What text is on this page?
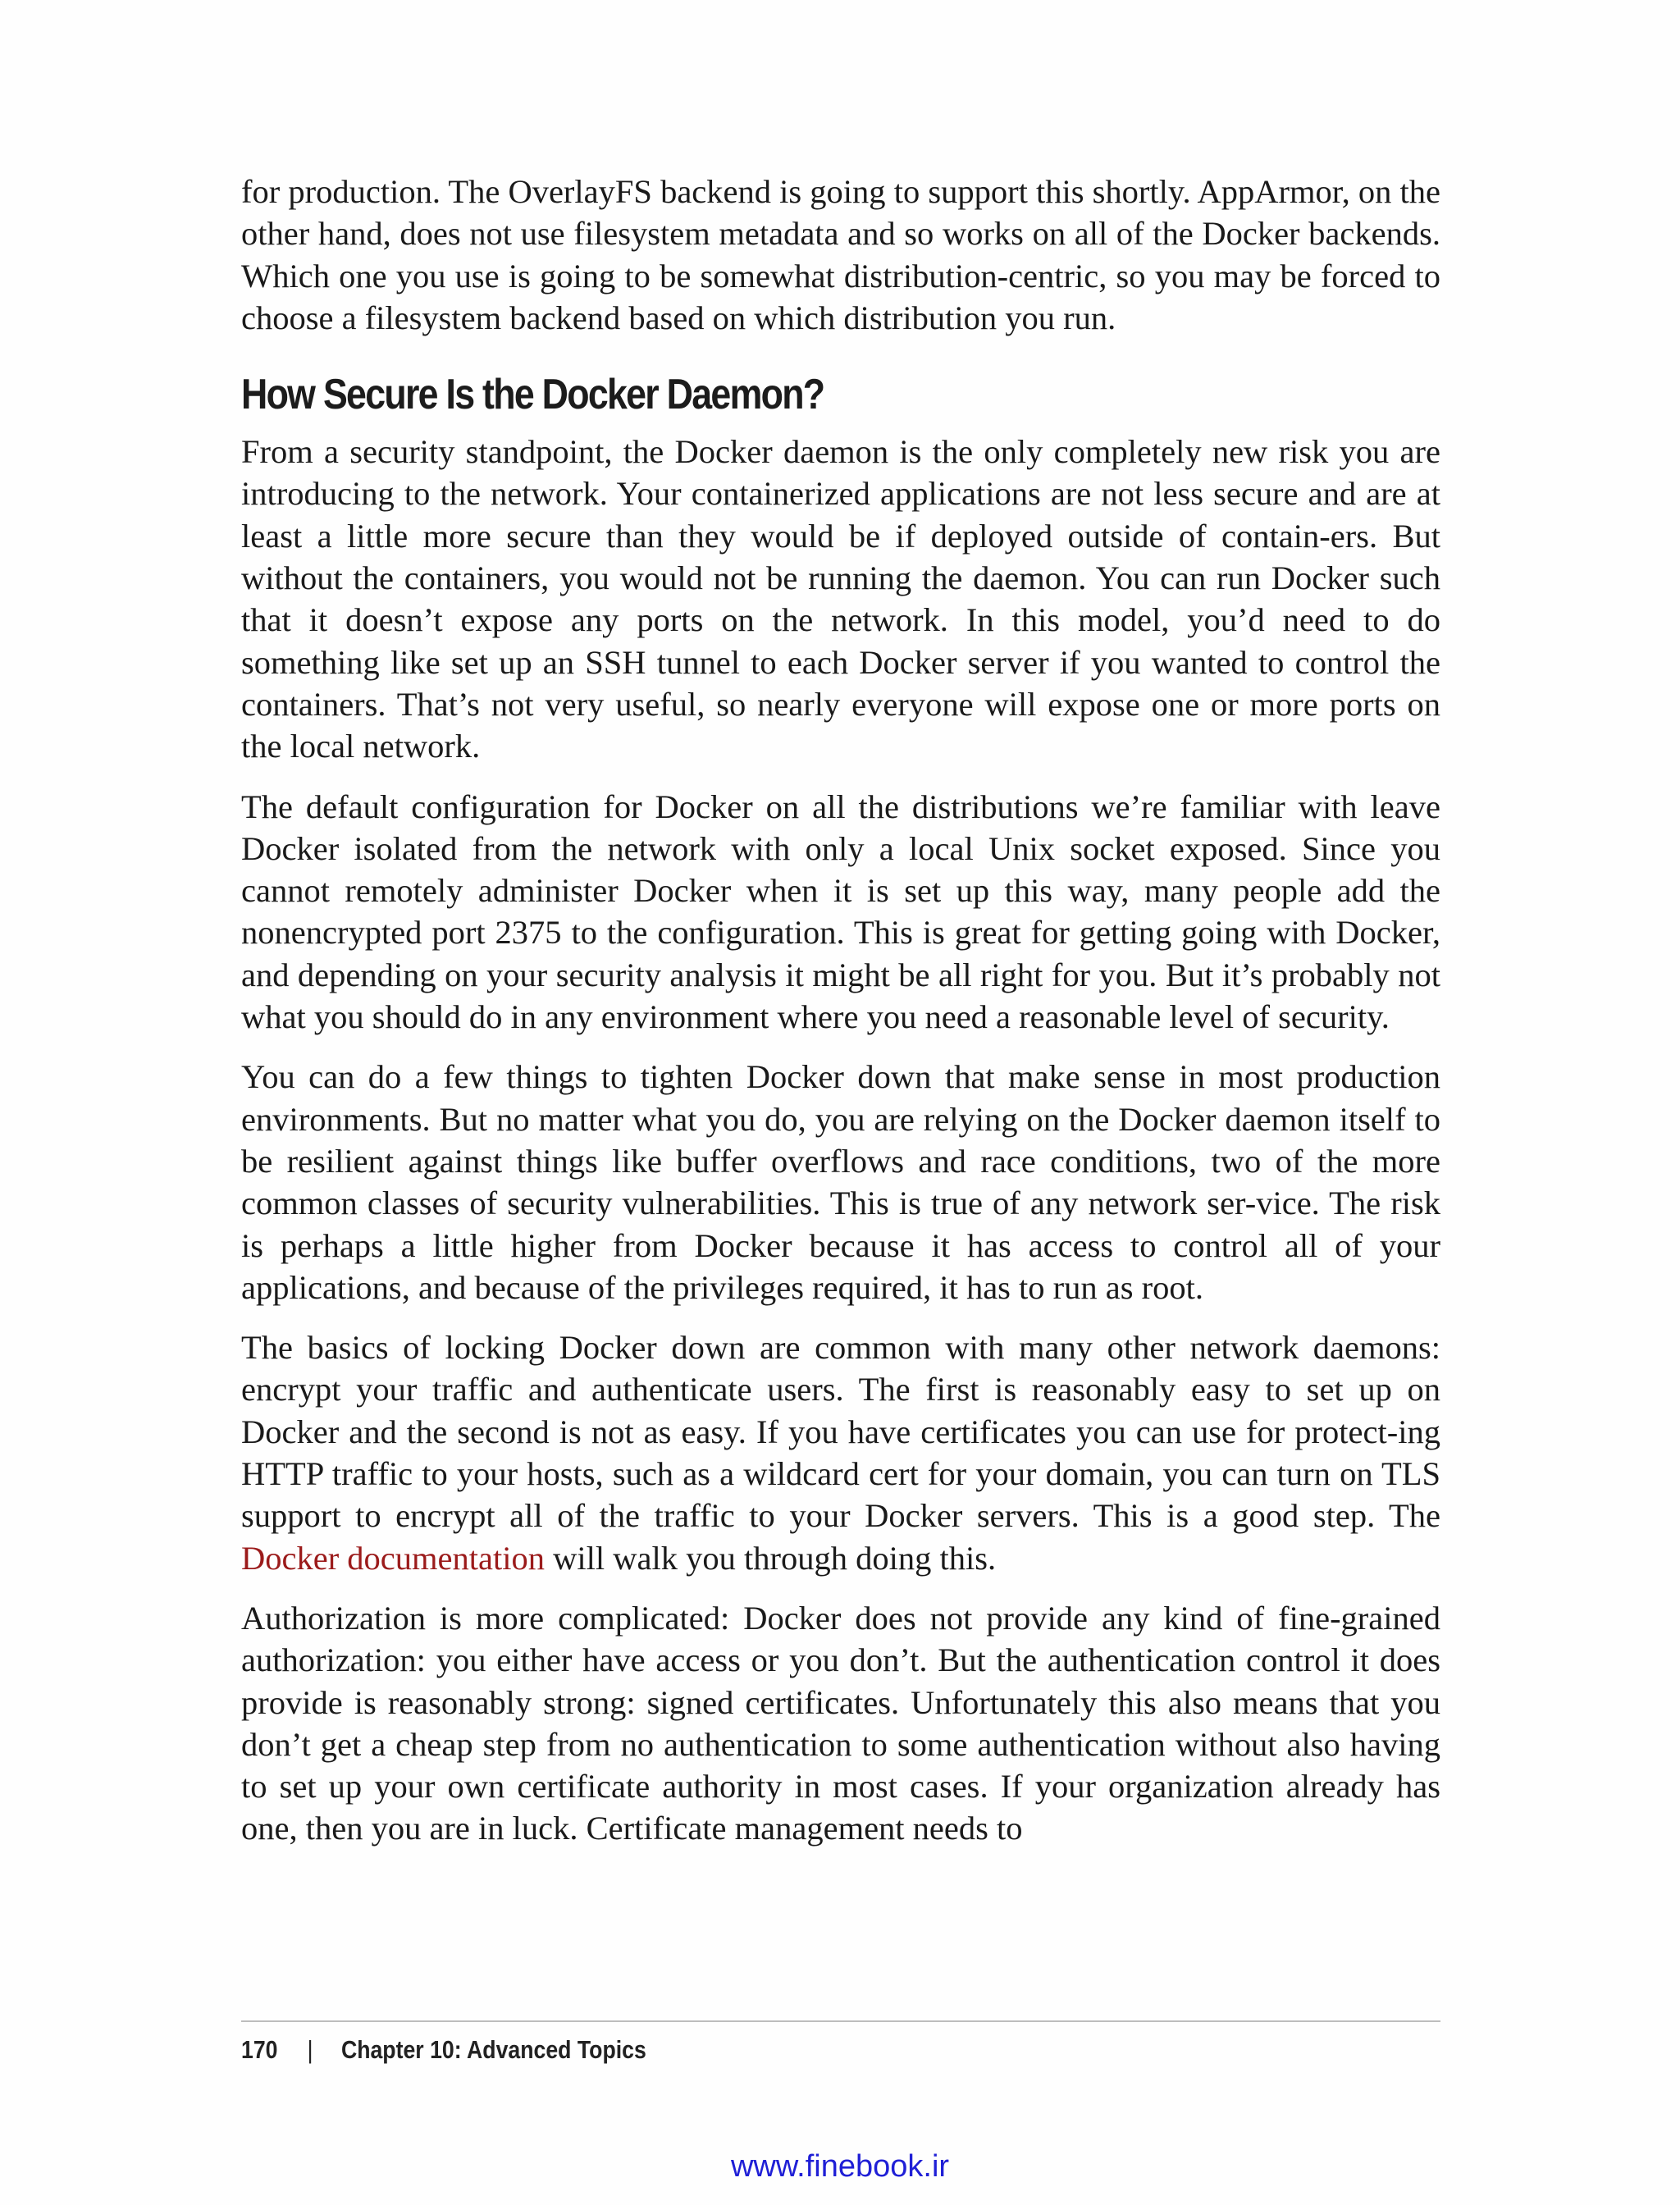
for production. The OverlayFS backend is going to support this shortly. AppArmor, on the other hand, does not use filesystem metadata and so works on all of the Docker backends. Which one you use is going to be somewhat distribution-centric, so you may be forced to choose a filesystem backend based on which distribution you run.

How Secure Is the Docker Daemon?

From a security standpoint, the Docker daemon is the only completely new risk you are introducing to the network. Your containerized applications are not less secure and are at least a little more secure than they would be if deployed outside of contain-ers. But without the containers, you would not be running the daemon. You can run Docker such that it doesn’t expose any ports on the network. In this model, you’d need to do something like set up an SSH tunnel to each Docker server if you wanted to control the containers. That’s not very useful, so nearly everyone will expose one or more ports on the local network.

The default configuration for Docker on all the distributions we’re familiar with leave Docker isolated from the network with only a local Unix socket exposed. Since you cannot remotely administer Docker when it is set up this way, many people add the nonencrypted port 2375 to the configuration. This is great for getting going with Docker, and depending on your security analysis it might be all right for you. But it’s probably not what you should do in any environment where you need a reasonable level of security.

You can do a few things to tighten Docker down that make sense in most production environments. But no matter what you do, you are relying on the Docker daemon itself to be resilient against things like buffer overflows and race conditions, two of the more common classes of security vulnerabilities. This is true of any network ser-vice. The risk is perhaps a little higher from Docker because it has access to control all of your applications, and because of the privileges required, it has to run as root.

The basics of locking Docker down are common with many other network daemons: encrypt your traffic and authenticate users. The first is reasonably easy to set up on Docker and the second is not as easy. If you have certificates you can use for protect-ing HTTP traffic to your hosts, such as a wildcard cert for your domain, you can turn on TLS support to encrypt all of the traffic to your Docker servers. This is a good step. The Docker documentation will walk you through doing this.

Authorization is more complicated: Docker does not provide any kind of fine-grained authorization: you either have access or you don’t. But the authentication control it does provide is reasonably strong: signed certificates. Unfortunately this also means that you don’t get a cheap step from no authentication to some authentication without also having to set up your own certificate authority in most cases. If your organization already has one, then you are in luck. Certificate management needs to

170 | Chapter 10: Advanced Topics
www.finebook.ir
